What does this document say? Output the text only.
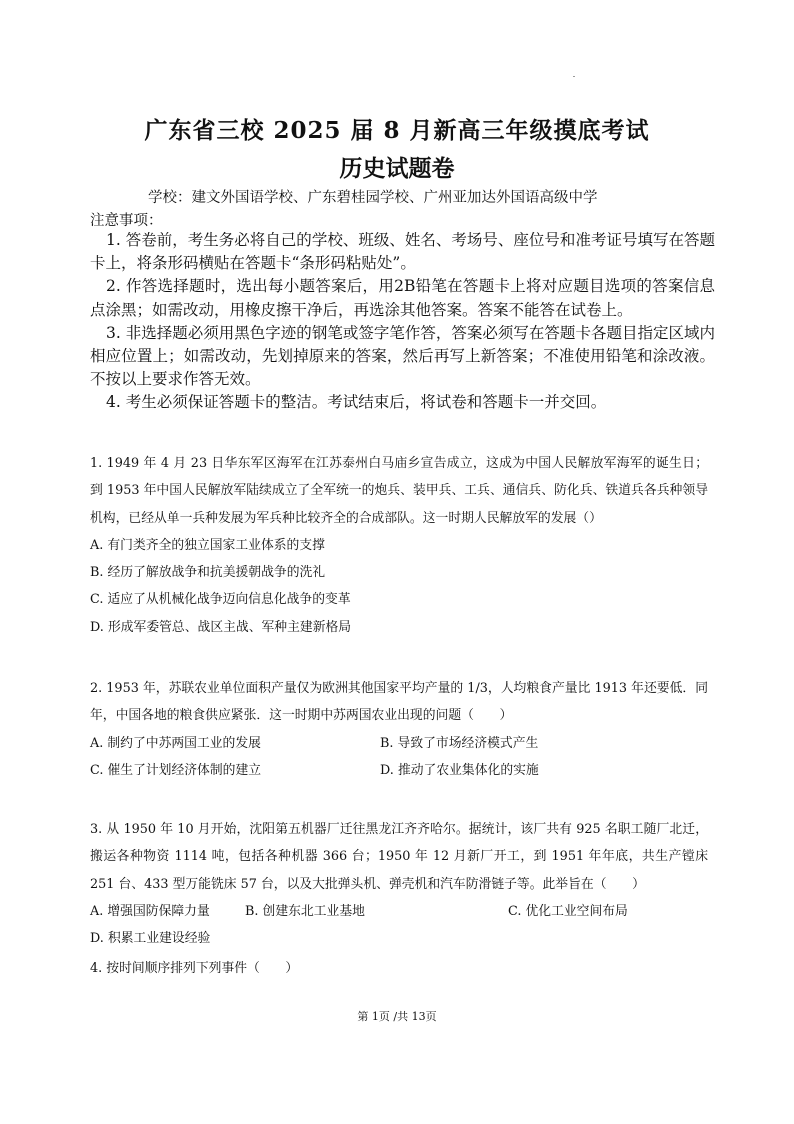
广东省三校 2025 届 8 月新高三年级摸底考试
历史试题卷
学校：建文外国语学校、广东碧桂园学校、广州亚加达外国语高级中学
注意事项：

1. 答卷前，考生务必将自己的学校、班级、姓名、考场号、座位号和准考证号填写在答题卡上，将条形码横贴在答题卡“条形码粘贴处”。

2. 作答选择题时，选出每小题答案后，用2B铅笔在答题卡上将对应题目选项的答案信息点涂黑；如需改动，用橡皮擦干净后，再选涂其他答案。答案不能答在试卷上。

3. 非选择题必须用黑色字迹的钢笔或签字笔作答，答案必须写在答题卡各题目指定区域内相应位置上；如需改动，先划掉原来的答案，然后再写上新答案；不准使用铅笔和涂改液。不按以上要求作答无效。

4. 考生必须保证答题卡的整洁。考试结束后，将试卷和答题卡一并交回。

1. 1949 年 4 月 23 日华东军区海军在江苏泰州白马庙乡宣告成立，这成为中国人民解放军海军的诞生日；到 1953 年中国人民解放军陆续成立了全军统一的炮兵、装甲兵、工兵、通信兵、防化兵、铁道兵各兵种领导机构，已经从单一兵种发展为军兵种比较齐全的合成部队。这一时期人民解放军的发展（）

A. 有门类齐全的独立国家工业体系的支撑

B. 经历了解放战争和抗美援朝战争的洗礼

C. 适应了从机械化战争迈向信息化战争的变革

D. 形成军委管总、战区主战、军种主建新格局

2. 1953 年，苏联农业单位面积产量仅为欧洲其他国家平均产量的 1/3，人均粮食产量比 1913 年还要低．同年，中国各地的粮食供应紧张．这一时期中苏两国农业出现的问题（　　）

A. 制约了中苏两国工业的发展	B. 导致了市场经济模式产生
C. 催生了计划经济体制的建立	D. 推动了农业集体化的实施

3. 从 1950 年 10 月开始，沈阳第五机器厂迁往黑龙江齐齐哈尔。据统计，该厂共有 925 名职工随厂北迁，搬运各种物资 1114 吨，包括各种机器 366 台；1950 年 12 月新厂开工，到 1951 年年底，共生产镗床 251 台、433 型万能铣床 57 台，以及大批弹头机、弹壳机和汽车防滑链子等。此举旨在（　　）

A. 增强国防保障力量	B. 创建东北工业基地	C. 优化工业空间布局
D. 积累工业建设经验

4. 按时间顺序排列下列事件（　　）

第 1页 /共 13页
